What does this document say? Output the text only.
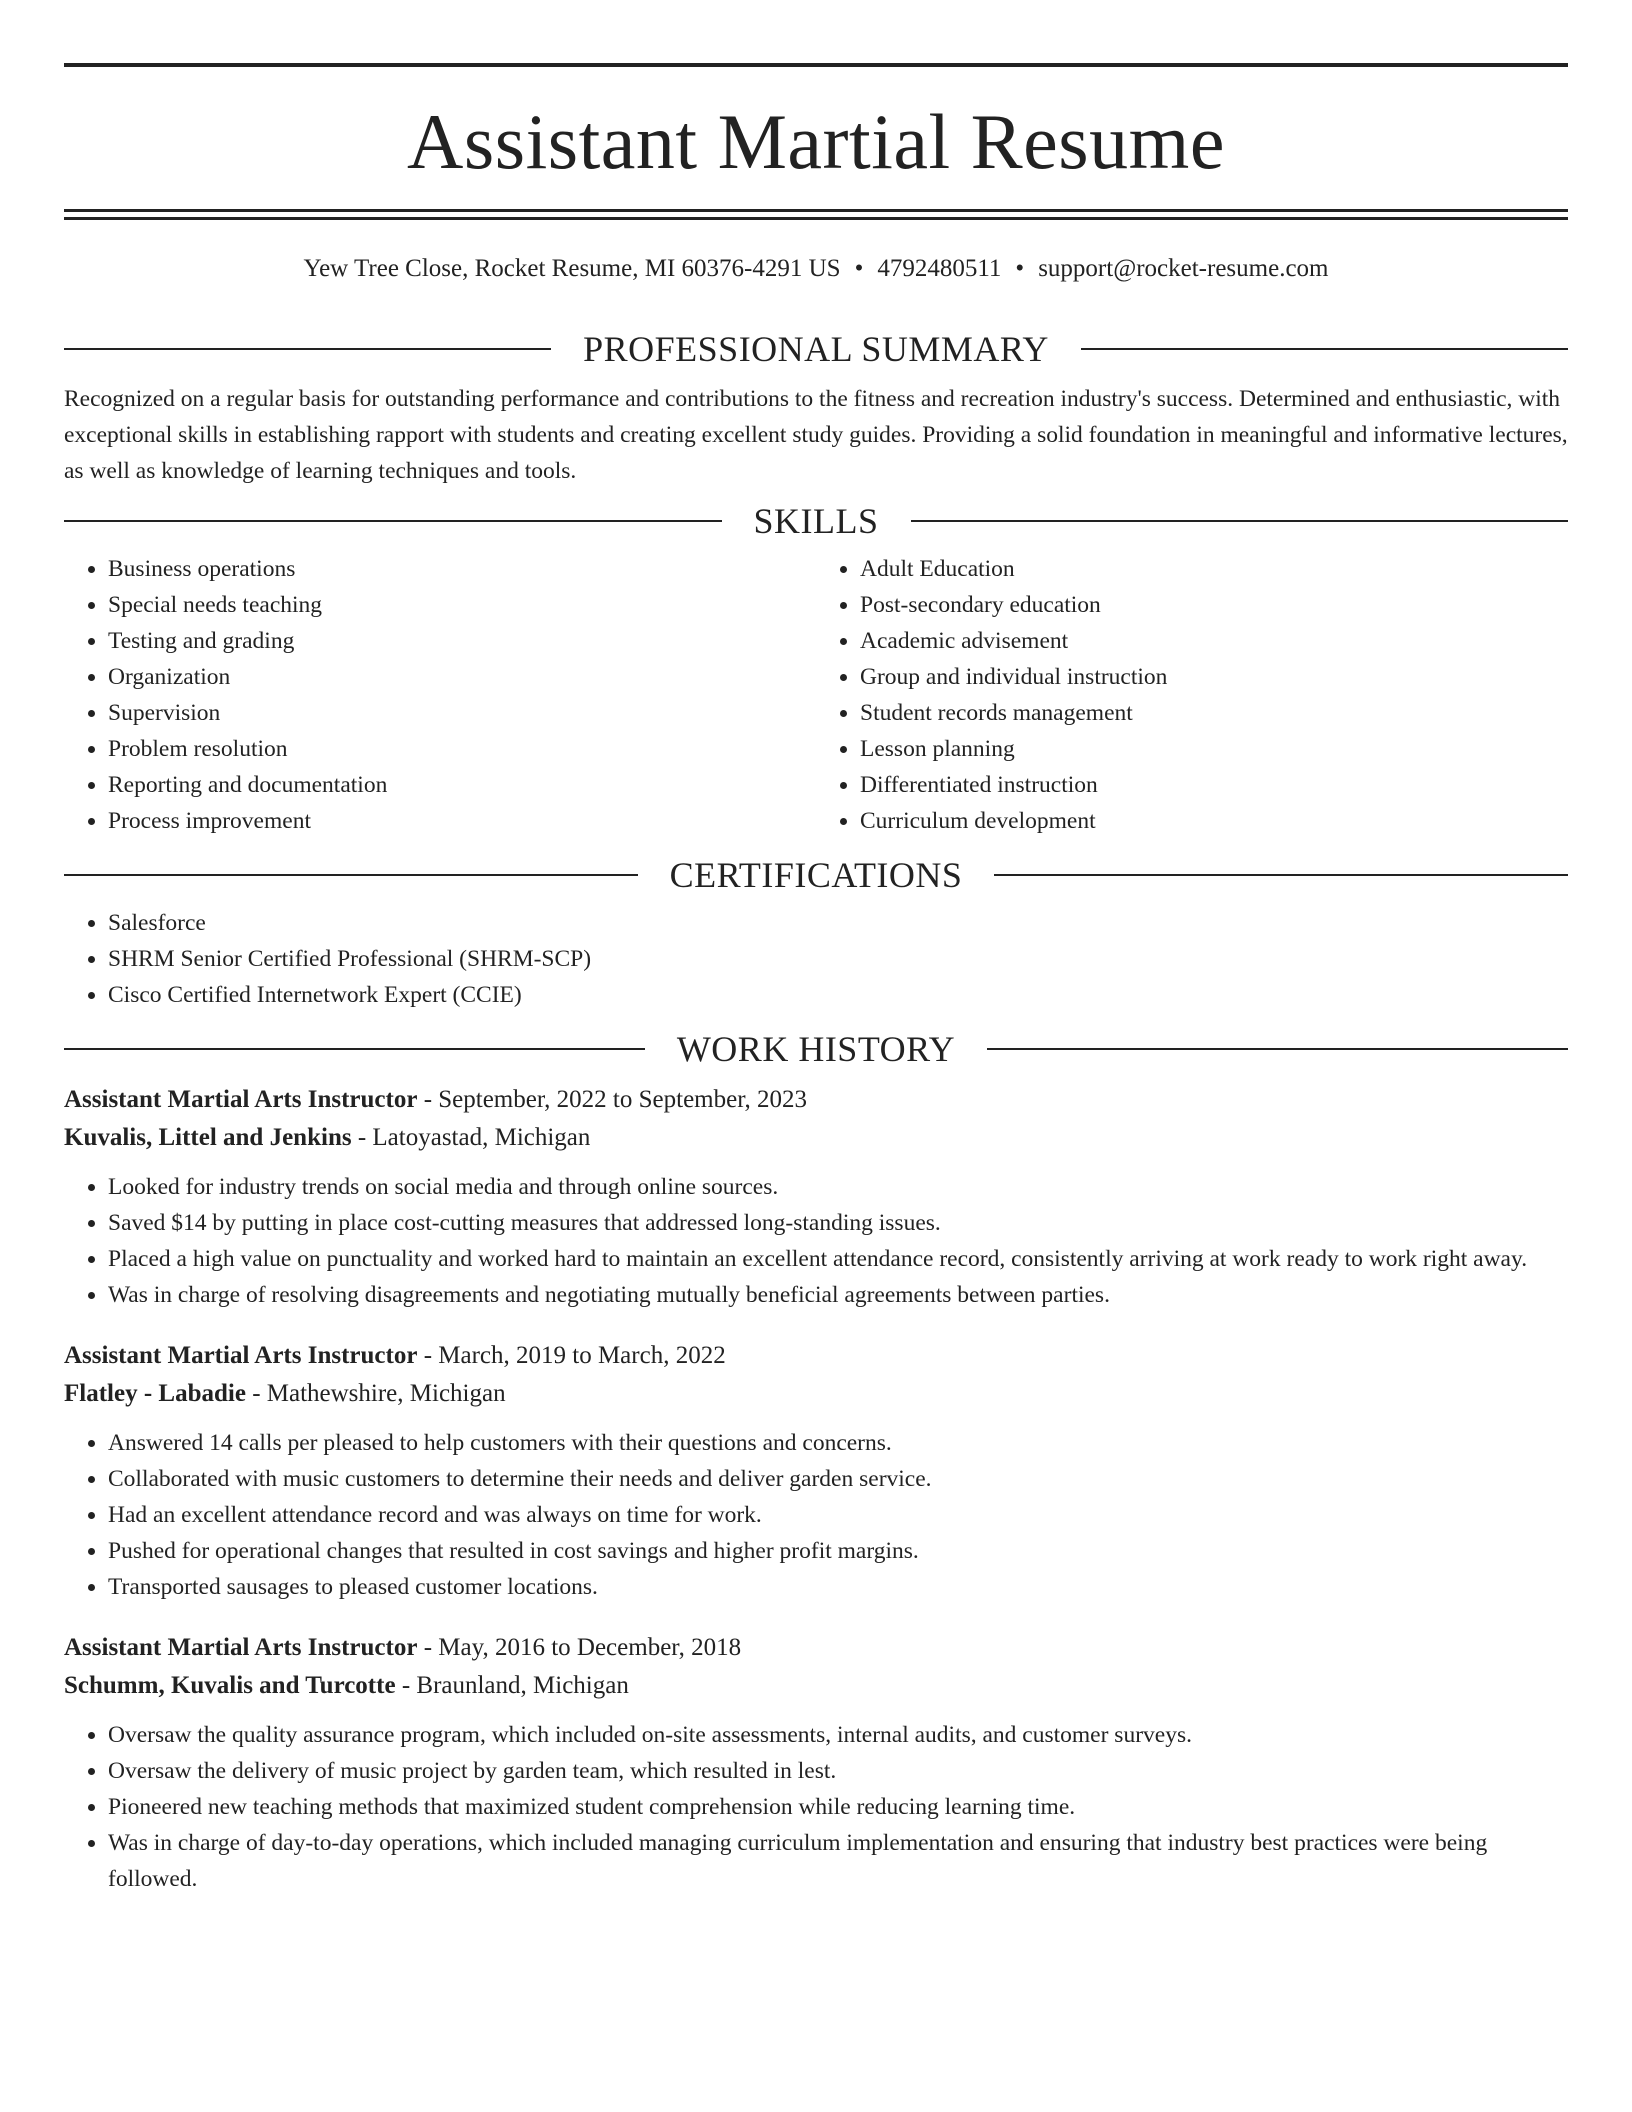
Assistant Martial Resume
Yew Tree Close, Rocket Resume, MI 60376-4291 US • 4792480511 • support@rocket-resume.com
PROFESSIONAL SUMMARY

Recognized on a regular basis for outstanding performance and contributions to the fitness and recreation industry's success. Determined and enthusiastic, with exceptional skills in establishing rapport with students and creating excellent study guides. Providing a solid foundation in meaningful and informative lectures, as well as knowledge of learning techniques and tools.

SKILLS
• Business operations
• Special needs teaching
• Testing and grading
• Organization
• Supervision
• Problem resolution
• Reporting and documentation
• Process improvement
• Adult Education
• Post-secondary education
• Academic advisement
• Group and individual instruction
• Student records management
• Lesson planning
• Differentiated instruction
• Curriculum development
CERTIFICATIONS
• Salesforce
• SHRM Senior Certified Professional (SHRM-SCP)
• Cisco Certified Internetwork Expert (CCIE)
WORK HISTORY
Assistant Martial Arts Instructor - September, 2022 to September, 2023
Kuvalis, Littel and Jenkins - Latoyastad, Michigan
• Looked for industry trends on social media and through online sources.
• Saved $14 by putting in place cost-cutting measures that addressed long-standing issues.
• Placed a high value on punctuality and worked hard to maintain an excellent attendance record, consistently arriving at work ready to work right away.
• Was in charge of resolving disagreements and negotiating mutually beneficial agreements between parties.
Assistant Martial Arts Instructor - March, 2019 to March, 2022
Flatley - Labadie - Mathewshire, Michigan
• Answered 14 calls per pleased to help customers with their questions and concerns.
• Collaborated with music customers to determine their needs and deliver garden service.
• Had an excellent attendance record and was always on time for work.
• Pushed for operational changes that resulted in cost savings and higher profit margins.
• Transported sausages to pleased customer locations.
Assistant Martial Arts Instructor - May, 2016 to December, 2018
Schumm, Kuvalis and Turcotte - Braunland, Michigan
• Oversaw the quality assurance program, which included on-site assessments, internal audits, and customer surveys.
• Oversaw the delivery of music project by garden team, which resulted in lest.
• Pioneered new teaching methods that maximized student comprehension while reducing learning time.
• Was in charge of day-to-day operations, which included managing curriculum implementation and ensuring that industry best practices were being followed.
